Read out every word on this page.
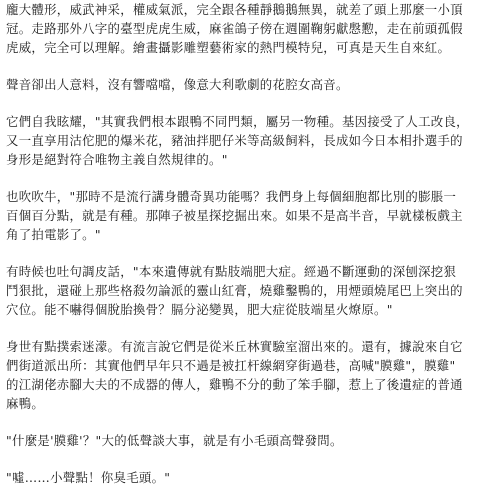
龐大體形，威武神采，權威氣派，完全跟各種靜鵝鵝無異，就差了頭上那麼一小頂
冠。走路那外八字的臺型虎虎生威，麻雀鴿子傍在週圍鞠躬獻慇懃，走在前頭孤假
虎威，完全可以理解。繪畫攝影雕塑藝術家的熱門模特兒，可真是天生自來紅。

聲音卻出人意料，沒有響噹噹，像意大利歌劇的花腔女高音。

它們自我眩耀，"其實我們根本跟鴨不同門類，屬另一物種。基因接受了人工改良，
又一直享用沽佗肥的爆米花，豬油拌肥仔米等高級飼料，長成如今日本相扑選手的
身形是絕對符合唯物主義自然規律的。"

也吹吹牛，"那時不是流行講身體奇異功能嗎？我們身上每個細胞都比別的膨脹一
百個百分點，就是有種。那陣子被星探挖掘出來。如果不是高半音，早就樣板戲主
角了拍電影了。"

有時候也吐句調皮話，"本來遺傳就有點肢端肥大症。經過不斷運動的深刨深挖狠
鬥狠批，還碰上那些格殺勿論派的靈山紅膏，燒雞鑿鴨的，用煙頭燒尾巴上突出的
穴位。能不嚇得個脫胎換骨？膈分泌變異，肥大症從肢端星火燎原。"

身世有點撲索迷濛。有流言說它們是從米丘林實驗室溜出來的。還有，據說來自它
們街道派出所：其實他們早年只不過是被扛杆線網穿街過巷，高喊"膜雞"，膜雞"
的江湖佬赤腳大夫的不成器的傳人，雞鴨不分的動了笨手腳，惹上了後遺症的普通
麻鴨。

"什麼是'膜雞'？"大的低聲談大事，就是有小毛頭高聲發問。

"噓……小聲點！你臭毛頭。"
